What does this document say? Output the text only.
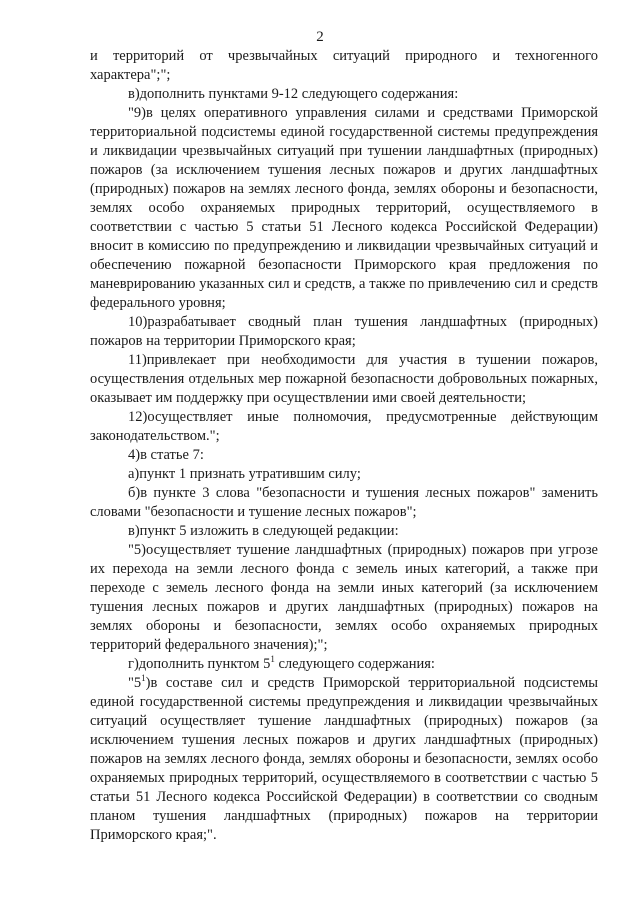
2

и территорий от чрезвычайных ситуаций природного и техногенного характера";";

в)дополнить пунктами 9-12 следующего содержания:

"9)в целях оперативного управления силами и средствами Приморской территориальной подсистемы единой государственной системы предупреждения и ликвидации чрезвычайных ситуаций при тушении ландшафтных (природных) пожаров (за исключением тушения лесных пожаров и других ландшафтных (природных) пожаров на землях лесного фонда, землях обороны и безопасности, землях особо охраняемых природных территорий, осуществляемого в соответствии с частью 5 статьи 51 Лесного кодекса Российской Федерации) вносит в комиссию по предупреждению и ликвидации чрезвычайных ситуаций и обеспечению пожарной безопасности Приморского края предложения по маневрированию указанных сил и средств, а также по привлечению сил и средств федерального уровня;

10)разрабатывает сводный план тушения ландшафтных (природных) пожаров на территории Приморского края;

11)привлекает при необходимости для участия в тушении пожаров, осуществления отдельных мер пожарной безопасности добровольных пожарных, оказывает им поддержку при осуществлении ими своей деятельности;

12)осуществляет иные полномочия, предусмотренные действующим законодательством.";

4)в статье 7:

а)пункт 1 признать утратившим силу;

б)в пункте 3 слова "безопасности и тушения лесных пожаров" заменить словами "безопасности и тушение лесных пожаров";

в)пункт 5 изложить в следующей редакции:

"5)осуществляет тушение ландшафтных (природных) пожаров при угрозе их перехода на земли лесного фонда с земель иных категорий, а также при переходе с земель лесного фонда на земли иных категорий (за исключением тушения лесных пожаров и других ландшафтных (природных) пожаров на землях обороны и безопасности, землях особо охраняемых природных территорий федерального значения);";

г)дополнить пунктом $5^1$ следующего содержания:

"$5^1)в$ составе сил и средств Приморской территориальной подсистемы единой государственной системы предупреждения и ликвидации чрезвычайных ситуаций осуществляет тушение ландшафтных (природных) пожаров (за исключением тушения лесных пожаров и других ландшафтных (природных) пожаров на землях лесного фонда, землях обороны и безопасности, землях особо охраняемых природных территорий, осуществляемого в соответствии с частью 5 статьи 51 Лесного кодекса Российской Федерации) в соответствии со сводным планом тушения ландшафтных (природных) пожаров на территории Приморского края;".
